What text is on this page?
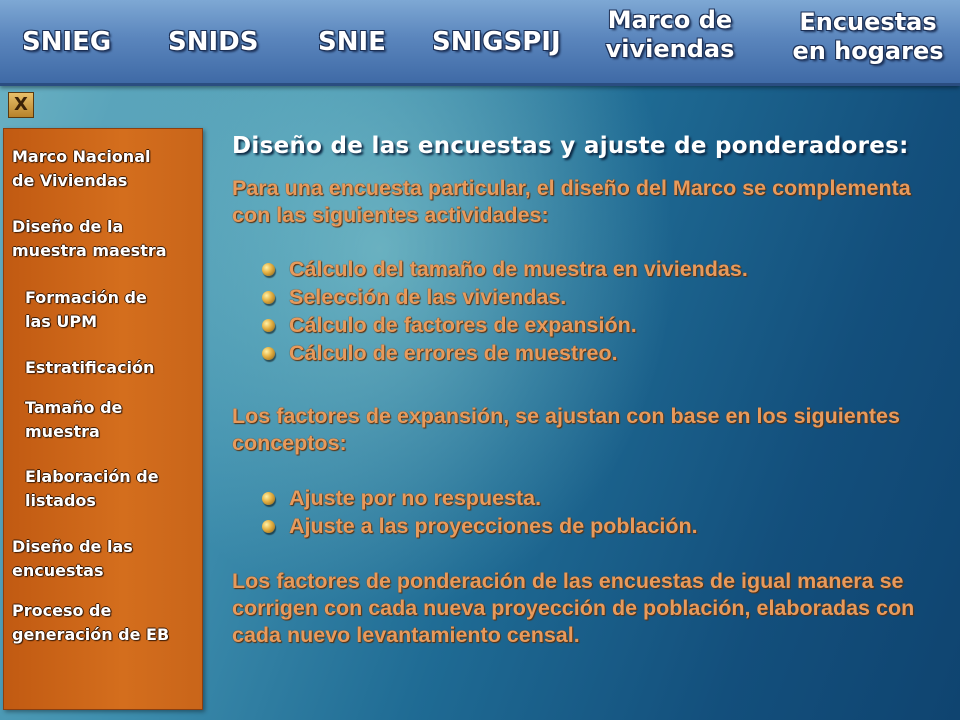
SNIEG SNIDS SNIE SNIGSPIJ
Marco de
viviendas
Encuestas
en hogares
X
Marco Nacional
de Viviendas
Diseño de la
muestra maestra
Formación de
las UPM
Estratificación
Tamaño de
muestra
Elaboración de
listados
Diseño de las
encuestas
Proceso de
generación de EB
Diseño de las encuestas y ajuste de ponderadores:
Para una encuesta particular, el diseño del Marco se complementa con las siguientes actividades:
Cálculo del tamaño de muestra en viviendas.
Selección de las viviendas.
Cálculo de factores de expansión.
Cálculo de errores de muestreo.
Los factores de expansión, se ajustan con base en los siguientes conceptos:
Ajuste por no respuesta.
Ajuste a las proyecciones de población.
Los factores de ponderación de las encuestas de igual manera se corrigen con cada nueva proyección de población, elaboradas con cada nuevo levantamiento censal.
